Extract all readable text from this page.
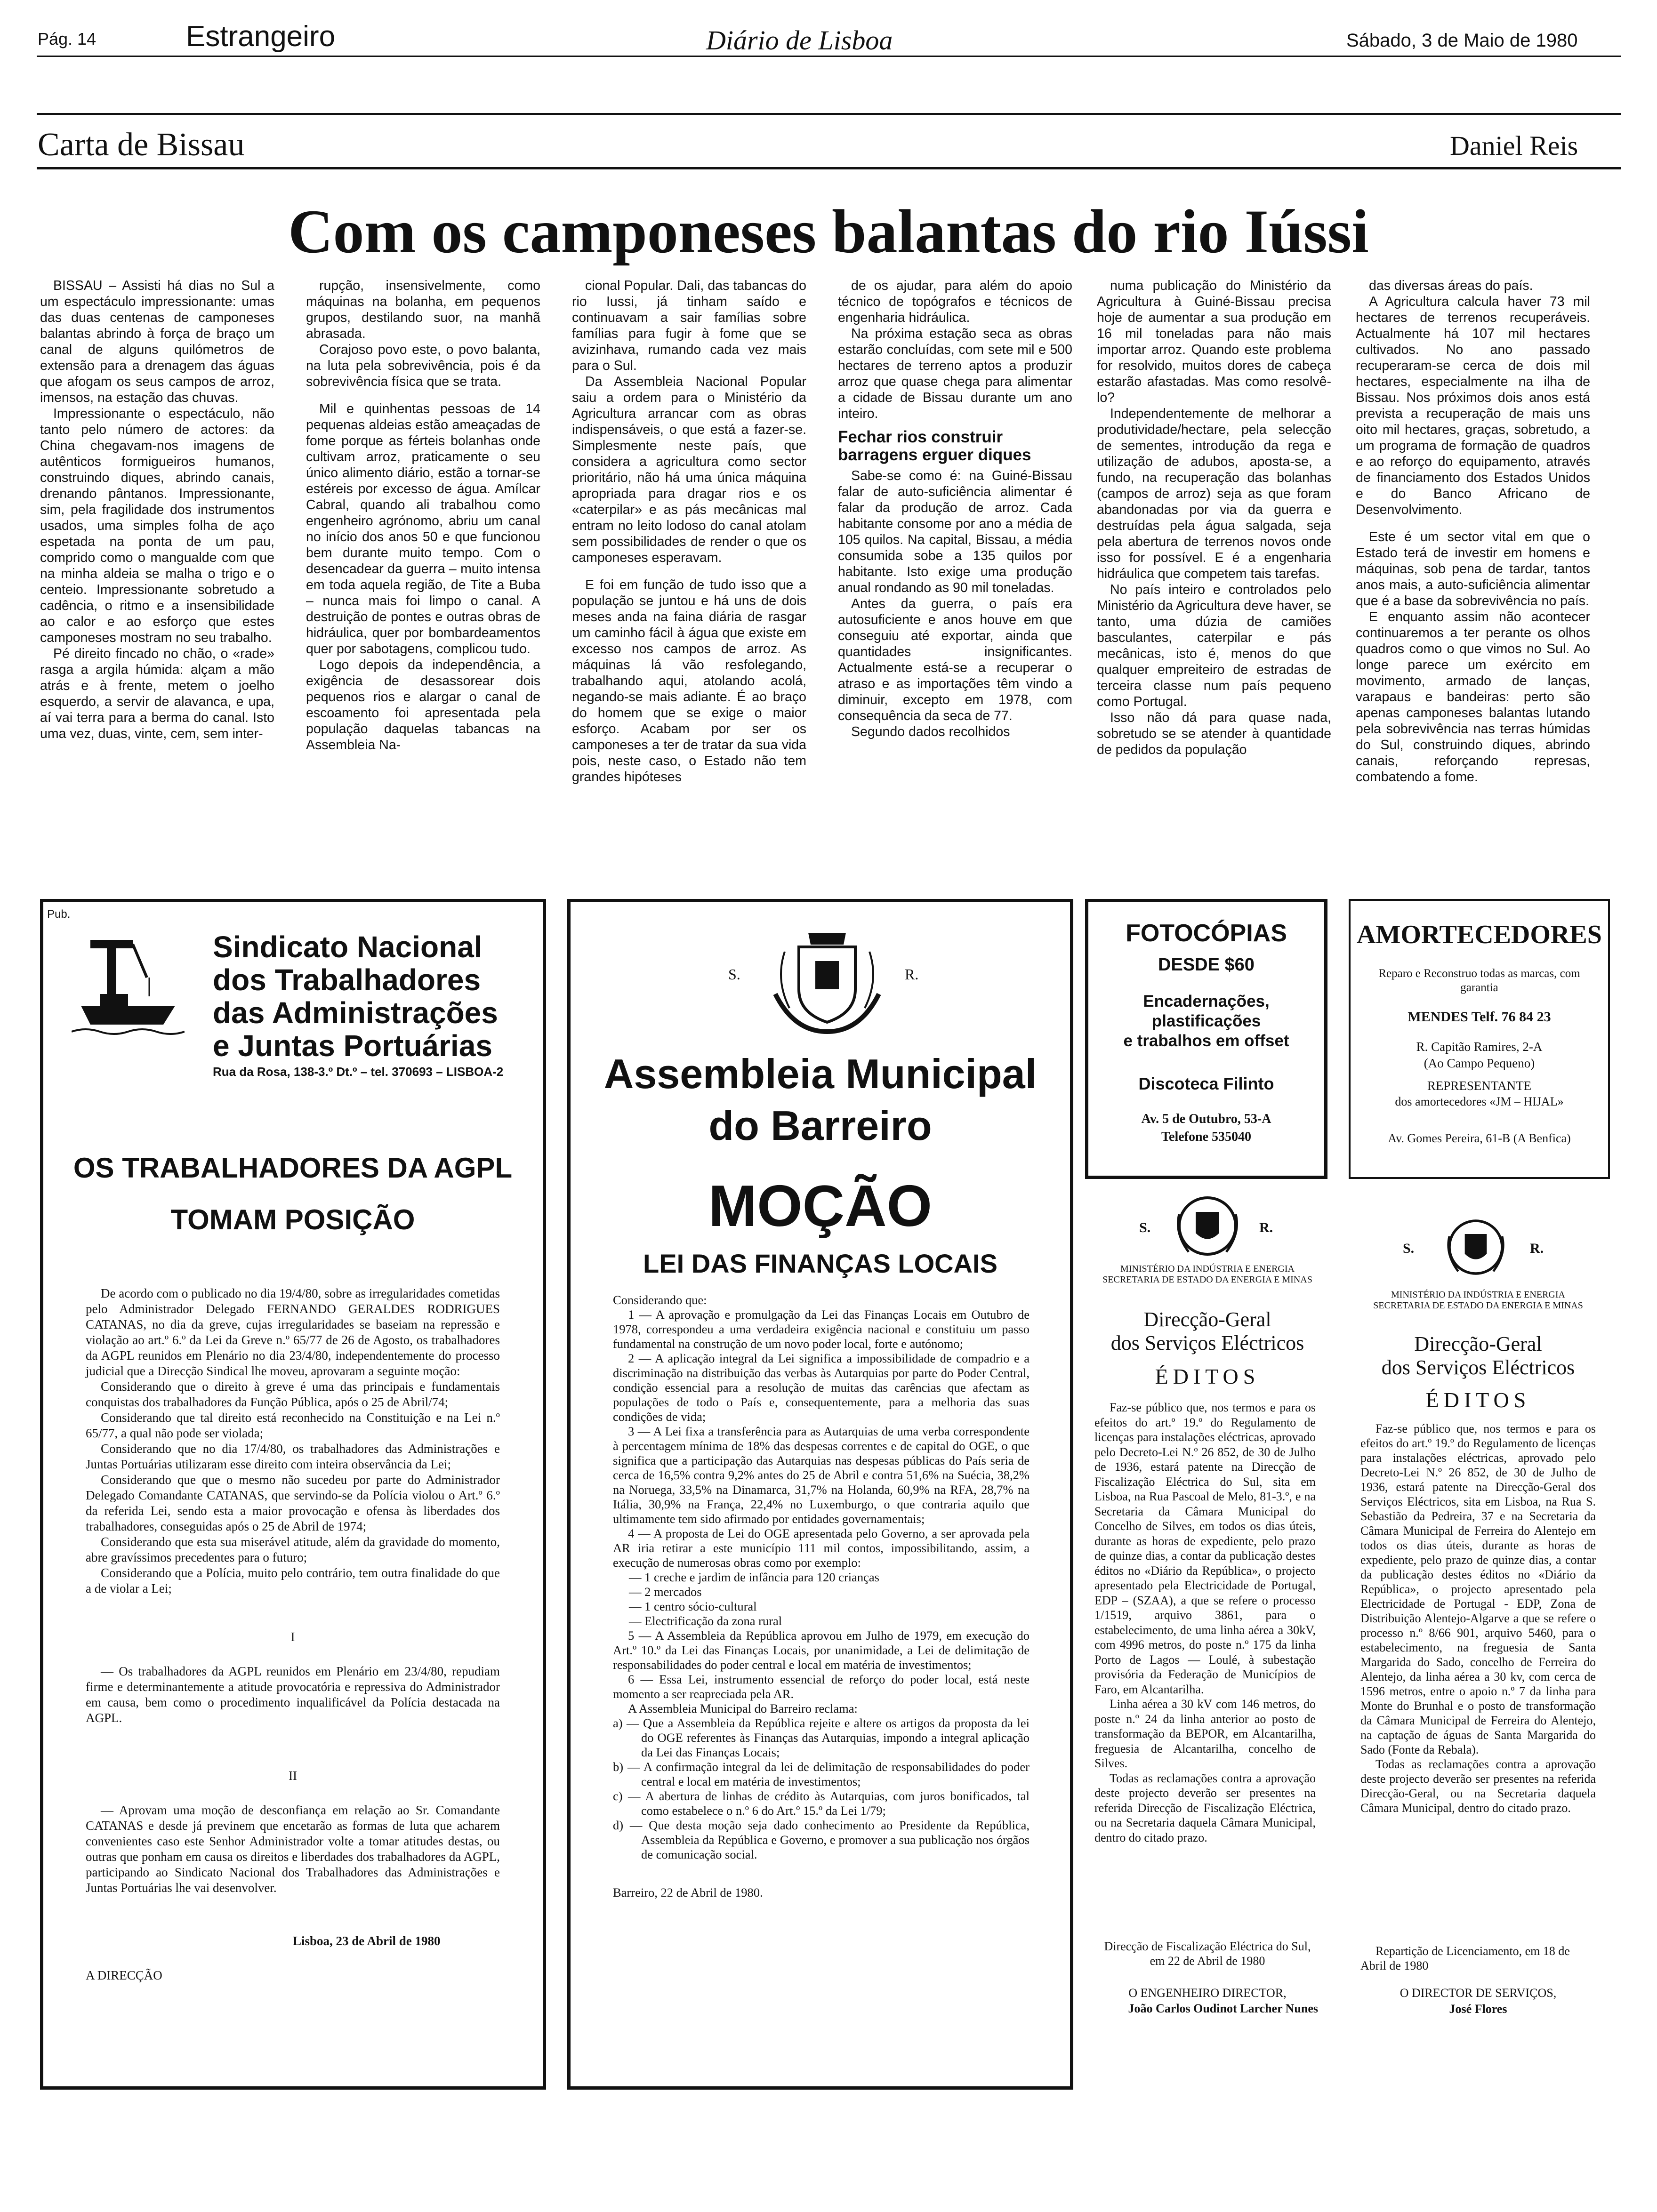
Pág. 14	Estrangeiro	Diário de Lisboa	Sábado, 3 de Maio de 1980
Carta de Bissau	Daniel Reis
Com os camponeses balantas do rio Iússi

BISSAU – Assisti há dias no Sul a um espectáculo impressionante: umas das duas centenas de camponeses balantas abrindo à força de braço um canal de alguns quilómetros de extensão para a drenagem das águas que afogam os seus campos de arroz, imensos, na estação das chuvas.

Impressionante o espectáculo, não tanto pelo número de actores: da China chegavam-nos imagens de autênticos formigueiros humanos, construindo diques, abrindo canais, drenando pântanos. Impressionante, sim, pela fragilidade dos instrumentos usados, uma simples folha de aço espetada na ponta de um pau, comprido como o mangualde com que na minha aldeia se malha o trigo e o centeio. Impressionante sobretudo a cadência, o ritmo e a insensibilidade ao calor e ao esforço que estes camponeses mostram no seu trabalho.

Pé direito fincado no chão, o «rade» rasga a argila húmida: alçam a mão atrás e à frente, metem o joelho esquerdo, a servir de alavanca, e upa, aí vai terra para a berma do canal. Isto uma vez, duas, vinte, cem, sem inter-

rupção, insensivelmente, como máquinas na bolanha, em pequenos grupos, destilando suor, na manhã abrasada.

Corajoso povo este, o povo balanta, na luta pela sobrevivência, pois é da sobrevivência física que se trata.

Mil e quinhentas pessoas de 14 pequenas aldeias estão ameaçadas de fome porque as férteis bolanhas onde cultivam arroz, praticamente o seu único alimento diário, estão a tornar-se estéreis por excesso de água. Amílcar Cabral, quando ali trabalhou como engenheiro agrónomo, abriu um canal no início dos anos 50 e que funcionou bem durante muito tempo. Com o desencadear da guerra – muito intensa em toda aquela região, de Tite a Buba – nunca mais foi limpo o canal. A destruição de pontes e outras obras de hidráulica, quer por bombardeamentos quer por sabotagens, complicou tudo.

Logo depois da independência, a exigência de desassorear dois pequenos rios e alargar o canal de escoamento foi apresentada pela população daquelas tabancas na Assembleia Na-

cional Popular. Dali, das tabancas do rio Iussi, já tinham saído e continuavam a sair famílias sobre famílias para fugir à fome que se avizinhava, rumando cada vez mais para o Sul.

Da Assembleia Nacional Popular saiu a ordem para o Ministério da Agricultura arrancar com as obras indispensáveis, o que está a fazer-se. Simplesmente neste país, que considera a agricultura como sector prioritário, não há uma única máquina apropriada para dragar rios e os «caterpilar» e as pás mecânicas mal entram no leito lodoso do canal atolam sem possibilidades de render o que os camponeses esperavam.

E foi em função de tudo isso que a população se juntou e há uns de dois meses anda na faina diária de rasgar um caminho fácil à água que existe em excesso nos campos de arroz. As máquinas lá vão resfolegando, trabalhando aqui, atolando acolá, negando-se mais adiante. É ao braço do homem que se exige o maior esforço. Acabam por ser os camponeses a ter de tratar da sua vida pois, neste caso, o Estado não tem grandes hipóteses

de os ajudar, para além do apoio técnico de topógrafos e técnicos de engenharia hidráulica.

Na próxima estação seca as obras estarão concluídas, com sete mil e 500 hectares de terreno aptos a produzir arroz que quase chega para alimentar a cidade de Bissau durante um ano inteiro.

Fechar rios construir barragens erguer diques

Sabe-se como é: na Guiné-Bissau falar de auto-suficiência alimentar é falar da produção de arroz. Cada habitante consome por ano a média de 105 quilos. Na capital, Bissau, a média consumida sobe a 135 quilos por habitante. Isto exige uma produção anual rondando as 90 mil toneladas.

Antes da guerra, o país era autosuficiente e anos houve em que conseguiu até exportar, ainda que quantidades insignificantes. Actualmente está-se a recuperar o atraso e as importações têm vindo a diminuir, excepto em 1978, com consequência da seca de 77.

Segundo dados recolhidos

numa publicação do Ministério da Agricultura à Guiné-Bissau precisa hoje de aumentar a sua produção em 16 mil toneladas para não mais importar arroz. Quando este problema for resolvido, muitos dores de cabeça estarão afastadas. Mas como resolvê-lo?

Independentemente de melhorar a produtividade/hectare, pela selecção de sementes, introdução da rega e utilização de adubos, aposta-se, a fundo, na recuperação das bolanhas (campos de arroz) seja as que foram abandonadas por via da guerra e destruídas pela água salgada, seja pela abertura de terrenos novos onde isso for possível. E é a engenharia hidráulica que competem tais tarefas.

No país inteiro e controlados pelo Ministério da Agricultura deve haver, se tanto, uma dúzia de camiões basculantes, caterpilar e pás mecânicas, isto é, menos do que qualquer empreiteiro de estradas de terceira classe num país pequeno como Portugal.

Isso não dá para quase nada, sobretudo se se atender à quantidade de pedidos da população

das diversas áreas do país.

A Agricultura calcula haver 73 mil hectares de terrenos recuperáveis. Actualmente há 107 mil hectares cultivados. No ano passado recuperaram-se cerca de dois mil hectares, especialmente na ilha de Bissau. Nos próximos dois anos está prevista a recuperação de mais uns oito mil hectares, graças, sobretudo, a um programa de formação de quadros e ao reforço do equipamento, através de financiamento dos Estados Unidos e do Banco Africano de Desenvolvimento.

Este é um sector vital em que o Estado terá de investir em homens e máquinas, sob pena de tardar, tantos anos mais, a auto-suficiência alimentar que é a base da sobrevivência no país.

E enquanto assim não acontecer continuaremos a ter perante os olhos quadros como o que vimos no Sul. Ao longe parece um exército em movimento, armado de lanças, varapaus e bandeiras: perto são apenas camponeses balantas lutando pela sobrevivência nas terras húmidas do Sul, construindo diques, abrindo canais, reforçando represas, combatendo a fome.

Pub.
Sindicato Nacional
dos Trabalhadores
das Administrações
e Juntas Portuárias
Rua da Rosa, 138-3.º Dt.º – tel. 370693 – LISBOA-2
OS TRABALHADORES DA AGPL
TOMAM POSIÇÃO

De acordo com o publicado no dia 19/4/80, sobre as irregularidades cometidas pelo Administrador Delegado FERNANDO GERALDES RODRIGUES CATANAS, no dia da greve, cujas irregularidades se baseiam na repressão e violação ao art.º 6.º da Lei da Greve n.º 65/77 de 26 de Agosto, os trabalhadores da AGPL reunidos em Plenário no dia 23/4/80, independentemente do processo judicial que a Direcção Sindical lhe moveu, aprovaram a seguinte moção:

Considerando que o direito à greve é uma das principais e fundamentais conquistas dos trabalhadores da Função Pública, após o 25 de Abril/74;

Considerando que tal direito está reconhecido na Constituição e na Lei n.º 65/77, a qual não pode ser violada;

Considerando que no dia 17/4/80, os trabalhadores das Administrações e Juntas Portuárias utilizaram esse direito com inteira observância da Lei;

Considerando que que o mesmo não sucedeu por parte do Administrador Delegado Comandante CATANAS, que servindo-se da Polícia violou o Art.º 6.º da referida Lei, sendo esta a maior provocação e ofensa às liberdades dos trabalhadores, conseguidas após o 25 de Abril de 1974;

Considerando que esta sua miserável atitude, além da gravidade do momento, abre gravíssimos precedentes para o futuro;

Considerando que a Polícia, muito pelo contrário, tem outra finalidade do que a de violar a Lei;

I

— Os trabalhadores da AGPL reunidos em Plenário em 23/4/80, repudiam firme e determinantemente a atitude provocatória e repressiva do Administrador em causa, bem como o procedimento inqualificável da Polícia destacada na AGPL.

II

— Aprovam uma moção de desconfiança em relação ao Sr. Comandante CATANAS e desde já previnem que encetarão as formas de luta que acharem convenientes caso este Senhor Administrador volte a tomar atitudes destas, ou outras que ponham em causa os direitos e liberdades dos trabalhadores da AGPL, participando ao Sindicato Nacional dos Trabalhadores das Administrações e Juntas Portuárias lhe vai desenvolver.

Lisboa, 23 de Abril de 1980
A DIRECÇÃO
S.	R.
Assembleia Municipal
do Barreiro
MOÇÃO
LEI DAS FINANÇAS LOCAIS
Considerando que:

1 — A aprovação e promulgação da Lei das Finanças Locais em Outubro de 1978, correspondeu a uma verdadeira exigência nacional e constituiu um passo fundamental na construção de um novo poder local, forte e autónomo;

2 — A aplicação integral da Lei significa a impossibilidade de compadrio e a discriminação na distribuição das verbas às Autarquias por parte do Poder Central, condição essencial para a resolução de muitas das carências que afectam as populações de todo o País e, consequentemente, para a melhoria das suas condições de vida;

3 — A Lei fixa a transferência para as Autarquias de uma verba correspondente à percentagem mínima de 18% das despesas correntes e de capital do OGE, o que significa que a participação das Autarquias nas despesas públicas do País seria de cerca de 16,5% contra 9,2% antes do 25 de Abril e contra 51,6% na Suécia, 38,2% na Noruega, 33,5% na Dinamarca, 31,7% na Holanda, 60,9% na RFA, 28,7% na Itália, 30,9% na França, 22,4% no Luxemburgo, o que contraria aquilo que ultimamente tem sido afirmado por entidades governamentais;

4 — A proposta de Lei do OGE apresentada pelo Governo, a ser aprovada pela AR iria retirar a este município 111 mil contos, impossibilitando, assim, a execução de numerosas obras como por exemplo:

— 1 creche e jardim de infância para 120 crianças
— 2 mercados
— 1 centro sócio-cultural
— Electrificação da zona rural

5 — A Assembleia da República aprovou em Julho de 1979, em execução do Art.º 10.º da Lei das Finanças Locais, por unanimidade, a Lei de delimitação de responsabilidades do poder central e local em matéria de investimentos;

6 — Essa Lei, instrumento essencial de reforço do poder local, está neste momento a ser reapreciada pela AR.

A Assembleia Municipal do Barreiro reclama:

a) — Que a Assembleia da República rejeite e altere os artigos da proposta da lei do OGE referentes às Finanças das Autarquias, impondo a integral aplicação da Lei das Finanças Locais;
b) — A confirmação integral da lei de delimitação de responsabilidades do poder central e local em matéria de investimentos;
c) — A abertura de linhas de crédito às Autarquias, com juros bonificados, tal como estabelece o n.º 6 do Art.º 15.º da Lei 1/79;
d) — Que desta moção seja dado conhecimento ao Presidente da República, Assembleia da República e Governo, e promover a sua publicação nos órgãos de comunicação social.
Barreiro, 22 de Abril de 1980.
FOTOCÓPIAS
DESDE $60
Encadernações,
plastificações
e trabalhos em offset
Discoteca Filinto
Av. 5 de Outubro, 53-A
Telefone 535040
AMORTECEDORES
Reparo e Reconstruo todas as marcas, com garantia
MENDES Telf. 76 84 23
R. Capitão Ramires, 2-A
(Ao Campo Pequeno)
REPRESENTANTE
dos amortecedores «JM – HIJAL»
Av. Gomes Pereira, 61-B (A Benfica)
S.	R.
MINISTÉRIO DA INDÚSTRIA E ENERGIA
SECRETARIA DE ESTADO DA ENERGIA E MINAS
Direcção-Geral
dos Serviços Eléctricos
ÉDITOS

Faz-se público que, nos termos e para os efeitos do art.º 19.º do Regulamento de licenças para instalações eléctricas, aprovado pelo Decreto-Lei N.º 26 852, de 30 de Julho de 1936, estará patente na Direcção de Fiscalização Eléctrica do Sul, sita em Lisboa, na Rua Pascoal de Melo, 81-3.º, e na Secretaria da Câmara Municipal do Concelho de Silves, em todos os dias úteis, durante as horas de expediente, pelo prazo de quinze dias, a contar da publicação destes éditos no «Diário da República», o projecto apresentado pela Electricidade de Portugal, EDP – (SZAA), a que se refere o processo 1/1519, arquivo 3861, para o estabelecimento, de uma linha aérea a 30kV, com 4996 metros, do poste n.º 175 da linha Porto de Lagos — Loulé, à subestação provisória da Federação de Municípios de Faro, em Alcantarilha.

Linha aérea a 30 kV com 146 metros, do poste n.º 24 da linha anterior ao posto de transformação da BEPOR, em Alcantarilha, freguesia de Alcantarilha, concelho de Silves.

Todas as reclamações contra a aprovação deste projecto deverão ser presentes na referida Direcção de Fiscalização Eléctrica, ou na Secretaria daquela Câmara Municipal, dentro do citado prazo.

Direcção de Fiscalização Eléctrica do Sul, em 22 de Abril de 1980
O ENGENHEIRO DIRECTOR,
João Carlos Oudinot Larcher Nunes
S.	R.
MINISTÉRIO DA INDÚSTRIA E ENERGIA
SECRETARIA DE ESTADO DA ENERGIA E MINAS
Direcção-Geral
dos Serviços Eléctricos
ÉDITOS

Faz-se público que, nos termos e para os efeitos do art.º 19.º do Regulamento de licenças para instalações eléctricas, aprovado pelo Decreto-Lei N.º 26 852, de 30 de Julho de 1936, estará patente na Direcção-Geral dos Serviços Eléctricos, sita em Lisboa, na Rua S. Sebastião da Pedreira, 37 e na Secretaria da Câmara Municipal de Ferreira do Alentejo em todos os dias úteis, durante as horas de expediente, pelo prazo de quinze dias, a contar da publicação destes éditos no «Diário da República», o projecto apresentado pela Electricidade de Portugal - EDP, Zona de Distribuição Alentejo-Algarve a que se refere o processo n.º 8/66 901, arquivo 5460, para o estabelecimento, na freguesia de Santa Margarida do Sado, concelho de Ferreira do Alentejo, da linha aérea a 30 kv, com cerca de 1596 metros, entre o apoio n.º 7 da linha para Monte do Brunhal e o posto de transformação da Câmara Municipal de Ferreira do Alentejo, na captação de águas de Santa Margarida do Sado (Fonte da Rebala).

Todas as reclamações contra a aprovação deste projecto deverão ser presentes na referida Direcção-Geral, ou na Secretaria daquela Câmara Municipal, dentro do citado prazo.

Repartição de Licenciamento, em 18 de Abril de 1980
O DIRECTOR DE SERVIÇOS,
José Flores
